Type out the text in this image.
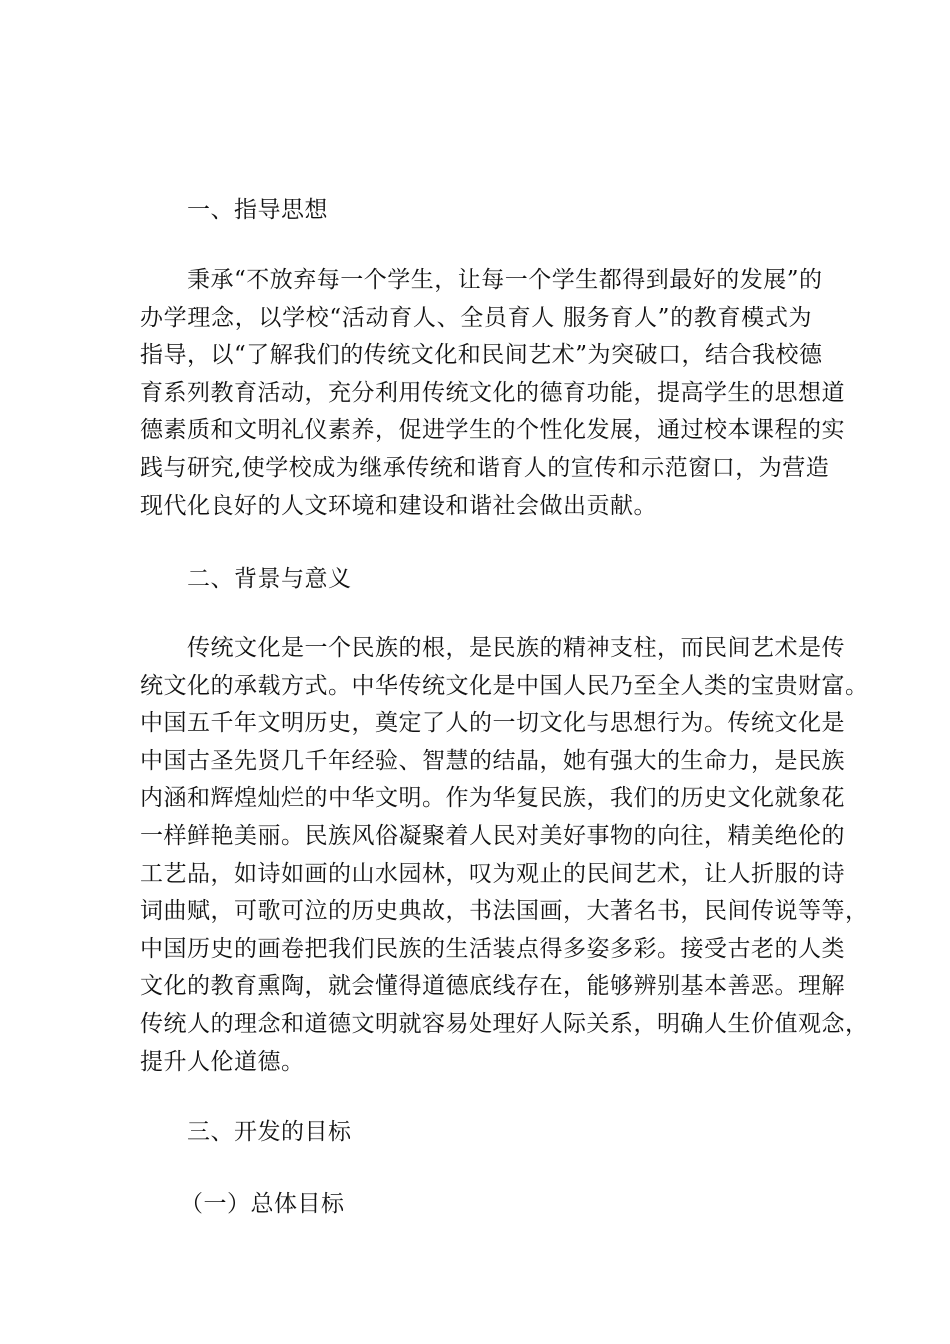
一、指导思想
秉承“不放弃每一个学生，让每一个学生都得到最好的发展”的
办学理念，以学校“活动育人、全员育人 服务育人”的教育模式为
指导，以“了解我们的传统文化和民间艺术”为突破口，结合我校德
育系列教育活动，充分利用传统文化的德育功能，提高学生的思想道
德素质和文明礼仪素养，促进学生的个性化发展，通过校本课程的实
践与研究,使学校成为继承传统和谐育人的宣传和示范窗口，为营造
现代化良好的人文环境和建设和谐社会做出贡献。
二、背景与意义
传统文化是一个民族的根，是民族的精神支柱，而民间艺术是传
统文化的承载方式。中华传统文化是中国人民乃至全人类的宝贵财富。
中国五千年文明历史，奠定了人的一切文化与思想行为。传统文化是
中国古圣先贤几千年经验、智慧的结晶，她有强大的生命力，是民族
内涵和辉煌灿烂的中华文明。作为华复民族，我们的历史文化就象花
一样鲜艳美丽。民族风俗凝聚着人民对美好事物的向往，精美绝伦的
工艺品，如诗如画的山水园林，叹为观止的民间艺术，让人折服的诗
词曲赋，可歌可泣的历史典故，书法国画，大著名书，民间传说等等，
中国历史的画卷把我们民族的生活装点得多姿多彩。接受古老的人类
文化的教育熏陶，就会懂得道德底线存在，能够辨别基本善恶。理解
传统人的理念和道德文明就容易处理好人际关系，明确人生价值观念，
提升人伦道德。
三、开发的目标
（一）总体目标
